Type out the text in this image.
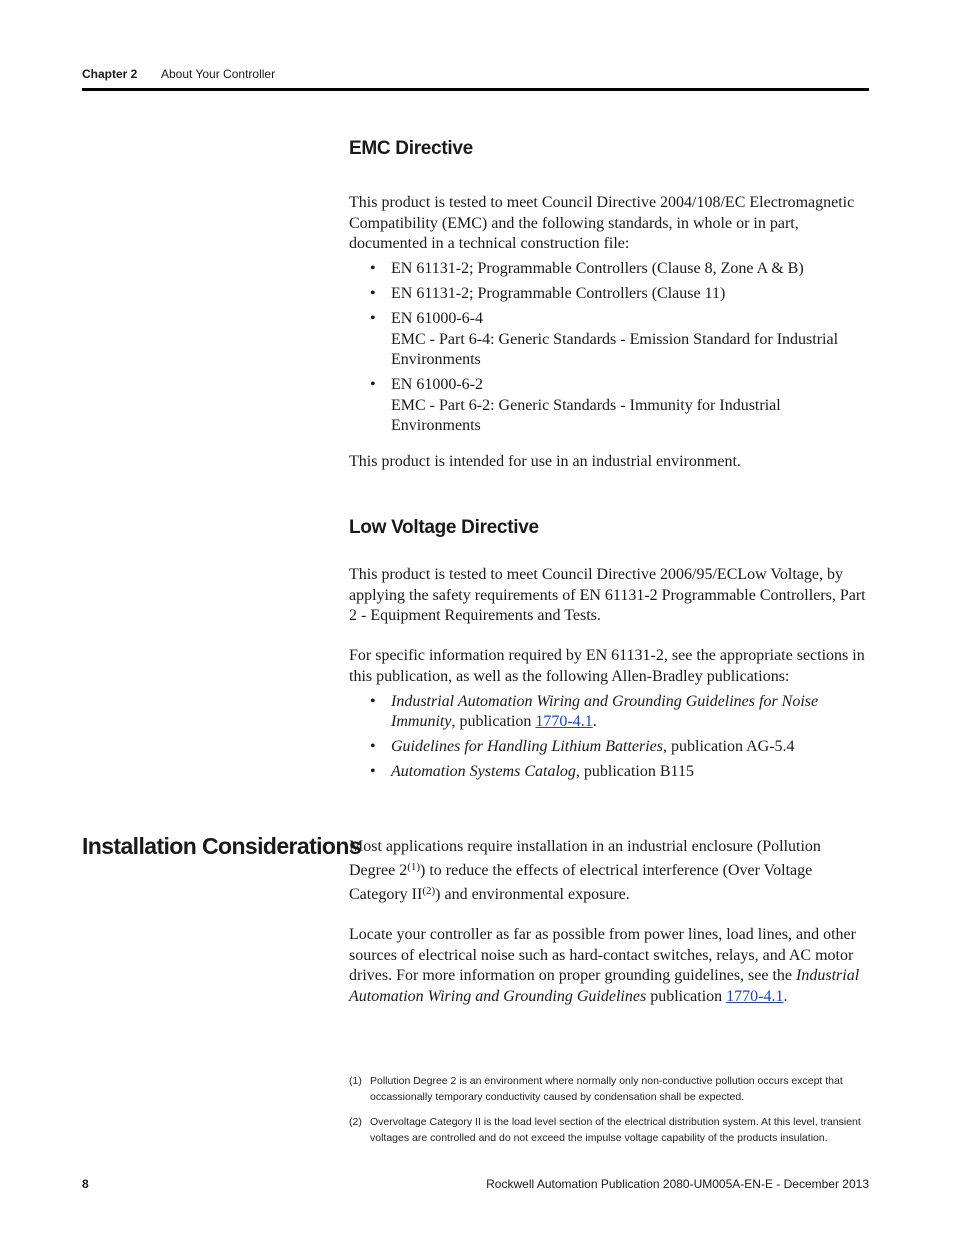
Chapter 2 About Your Controller
EMC Directive

This product is tested to meet Council Directive 2004/108/EC Electromagnetic Compatibility (EMC) and the following standards, in whole or in part, documented in a technical construction file:

• EN 61131-2; Programmable Controllers (Clause 8, Zone A & B)
• EN 61131-2; Programmable Controllers (Clause 11)
• EN 61000-6-4
EMC - Part 6-4: Generic Standards - Emission Standard for Industrial Environments
• EN 61000-6-2
EMC - Part 6-2: Generic Standards - Immunity for Industrial Environments

This product is intended for use in an industrial environment.

Low Voltage Directive

This product is tested to meet Council Directive 2006/95/ECLow Voltage, by applying the safety requirements of EN 61131-2 Programmable Controllers, Part 2 - Equipment Requirements and Tests.

For specific information required by EN 61131-2, see the appropriate sections in this publication, as well as the following Allen-Bradley publications:

• Industrial Automation Wiring and Grounding Guidelines for Noise Immunity, publication 1770-4.1.
• Guidelines for Handling Lithium Batteries, publication AG-5.4
• Automation Systems Catalog, publication B115
Installation Considerations

Most applications require installation in an industrial enclosure (Pollution Degree 2$^{(1)}$) to reduce the effects of electrical interference (Over Voltage Category II$^{(2)}$) and environmental exposure.

Locate your controller as far as possible from power lines, load lines, and other sources of electrical noise such as hard-contact switches, relays, and AC motor drives. For more information on proper grounding guidelines, see the Industrial Automation Wiring and Grounding Guidelines publication 1770-4.1.

(1) Pollution Degree 2 is an environment where normally only non-conductive pollution occurs except that occassionally temporary conductivity caused by condensation shall be expected.
(2) Overvoltage Category II is the load level section of the electrical distribution system. At this level, transient voltages are controlled and do not exceed the impulse voltage capability of the products insulation.
8	Rockwell Automation Publication 2080-UM005A-EN-E - December 2013
